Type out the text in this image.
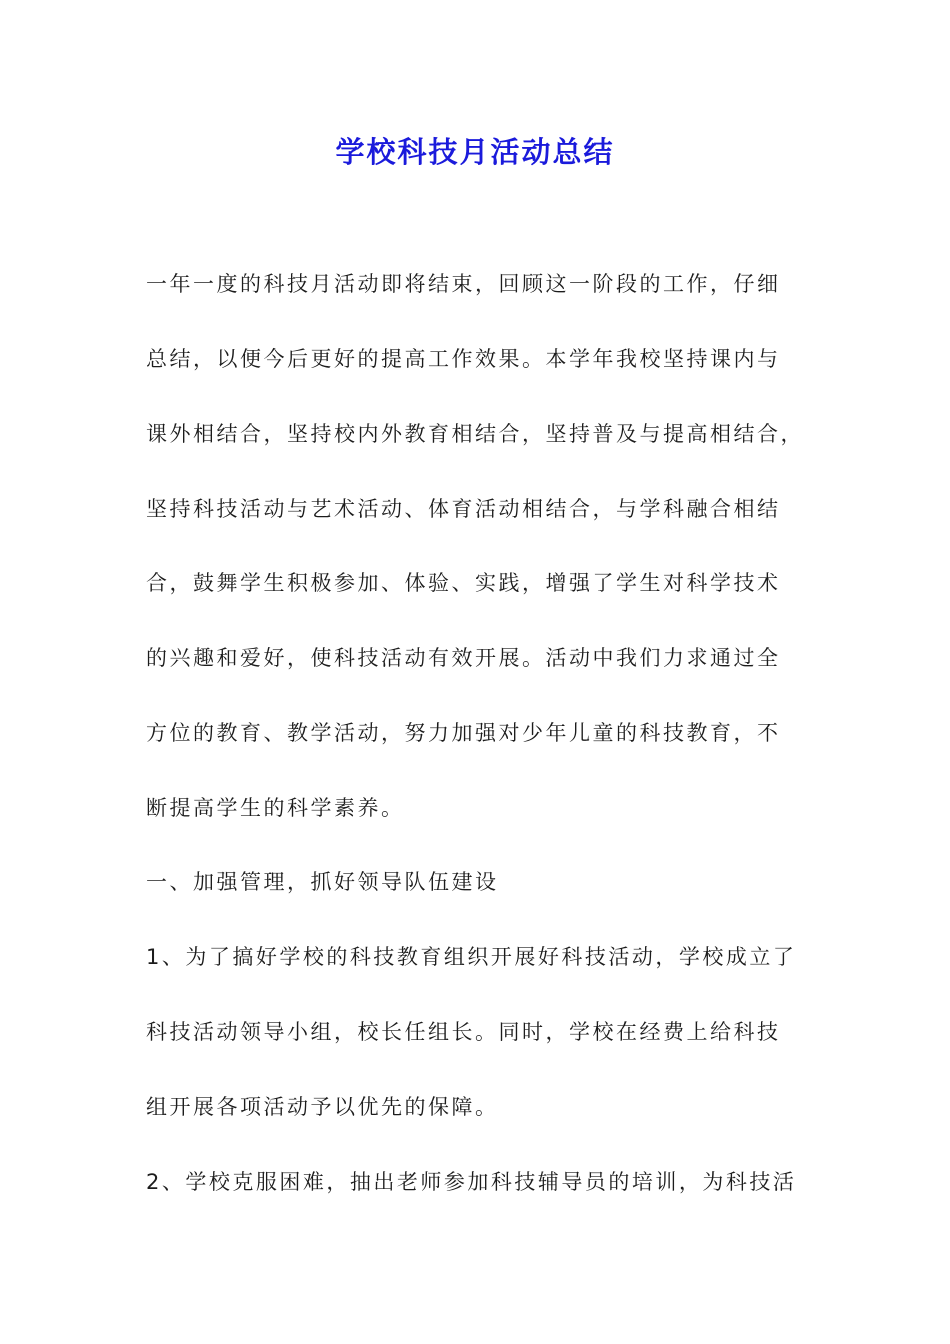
学校科技月活动总结
一年一度的科技月活动即将结束，回顾这一阶段的工作，仔细
总结，以便今后更好的提高工作效果。本学年我校坚持课内与
课外相结合，坚持校内外教育相结合，坚持普及与提高相结合，
坚持科技活动与艺术活动、体育活动相结合，与学科融合相结
合，鼓舞学生积极参加、体验、实践，增强了学生对科学技术
的兴趣和爱好，使科技活动有效开展。活动中我们力求通过全
方位的教育、教学活动，努力加强对少年儿童的科技教育，不
断提高学生的科学素养。
一、加强管理，抓好领导队伍建设
1、为了搞好学校的科技教育组织开展好科技活动，学校成立了
科技活动领导小组，校长任组长。同时，学校在经费上给科技
组开展各项活动予以优先的保障。
2、学校克服困难，抽出老师参加科技辅导员的培训，为科技活
